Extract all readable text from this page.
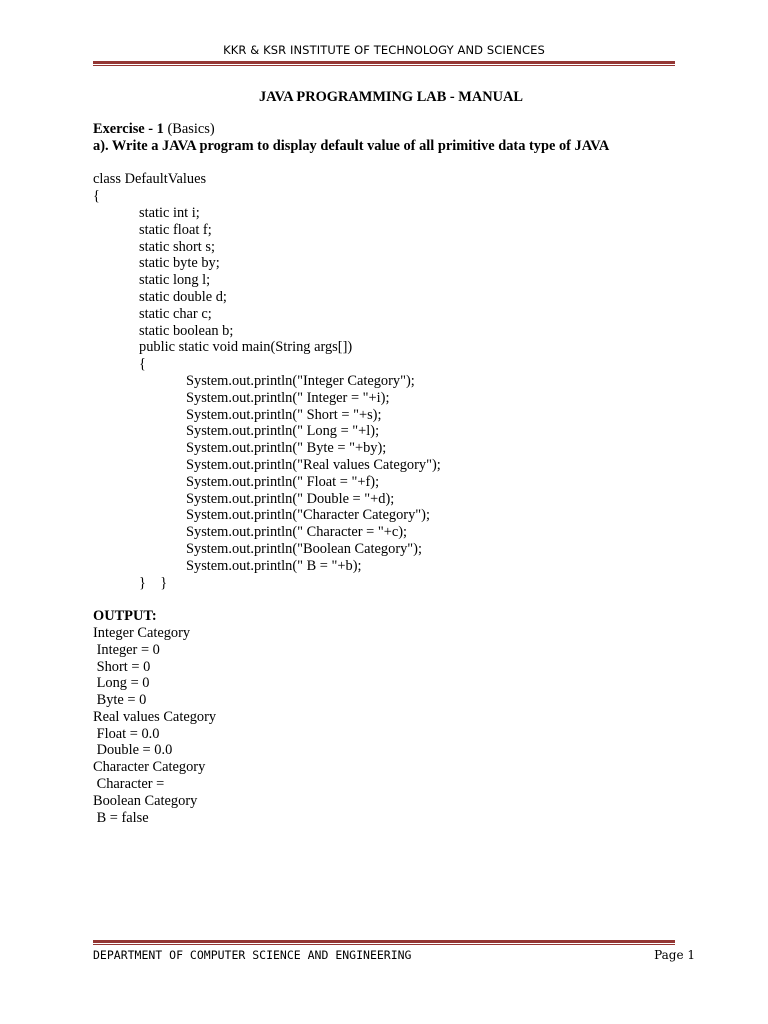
KKR & KSR INSTITUTE OF TECHNOLOGY AND SCIENCES
JAVA PROGRAMMING LAB - MANUAL
Exercise - 1 (Basics)
a). Write a JAVA program to display default value of all primitive data type of JAVA
class DefaultValues
{
static int i;
static float f;
static short s;
static byte by;
static long l;
static double d;
static char c;
static boolean b;
public static void main(String args[])
{
System.out.println("Integer Category");
System.out.println(" Integer = "+i);
System.out.println(" Short = "+s);
System.out.println(" Long = "+l);
System.out.println(" Byte = "+by);
System.out.println("Real values Category");
System.out.println(" Float = "+f);
System.out.println(" Double = "+d);
System.out.println("Character Category");
System.out.println(" Character = "+c);
System.out.println("Boolean Category");
System.out.println(" B = "+b);
}    }
OUTPUT:
Integer Category
Integer = 0
Short = 0
Long = 0
Byte = 0
Real values Category
Float = 0.0
Double = 0.0
Character Category
Character =
Boolean Category
B = false
DEPARTMENT OF COMPUTER SCIENCE AND ENGINEERING	Page 1
